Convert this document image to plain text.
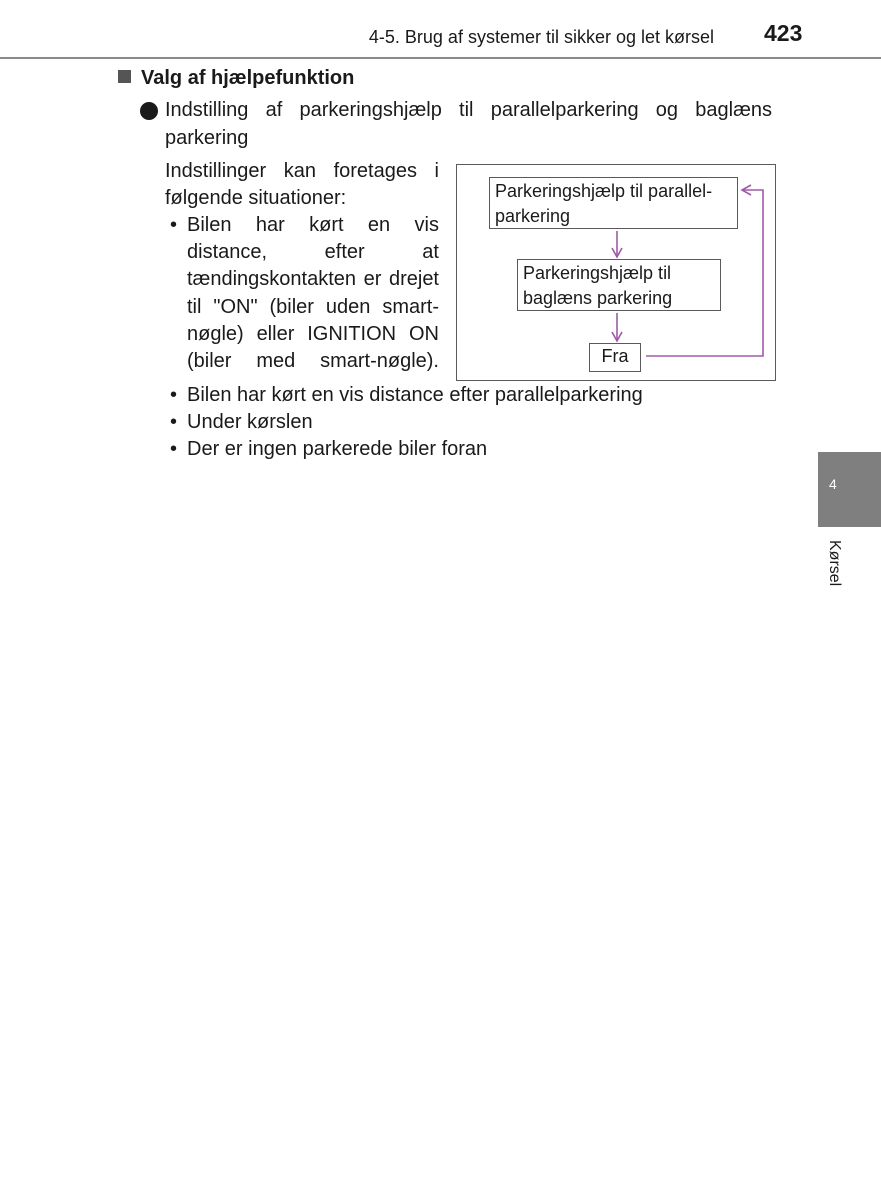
4-5. Brug af systemer til sikker og let kørsel 423
Valg af hjælpefunktion
Indstilling af parkeringshjælp til parallelparkering og baglæns parkering
Indstillinger kan foretages i følgende situationer:
• Bilen har kørt en vis distance, efter at tændingskontakten er drejet til "ON" (biler uden smart-nøgle) eller IGNITION ON (biler med smart-nøgle).
• Bilen har kørt en vis distance efter parallelparkering
• Under kørslen
• Der er ingen parkerede biler foran
Parkeringshjælp til parallel-
parkering
Parkeringshjælp til
baglæns parkering
Fra
4
Kørsel
